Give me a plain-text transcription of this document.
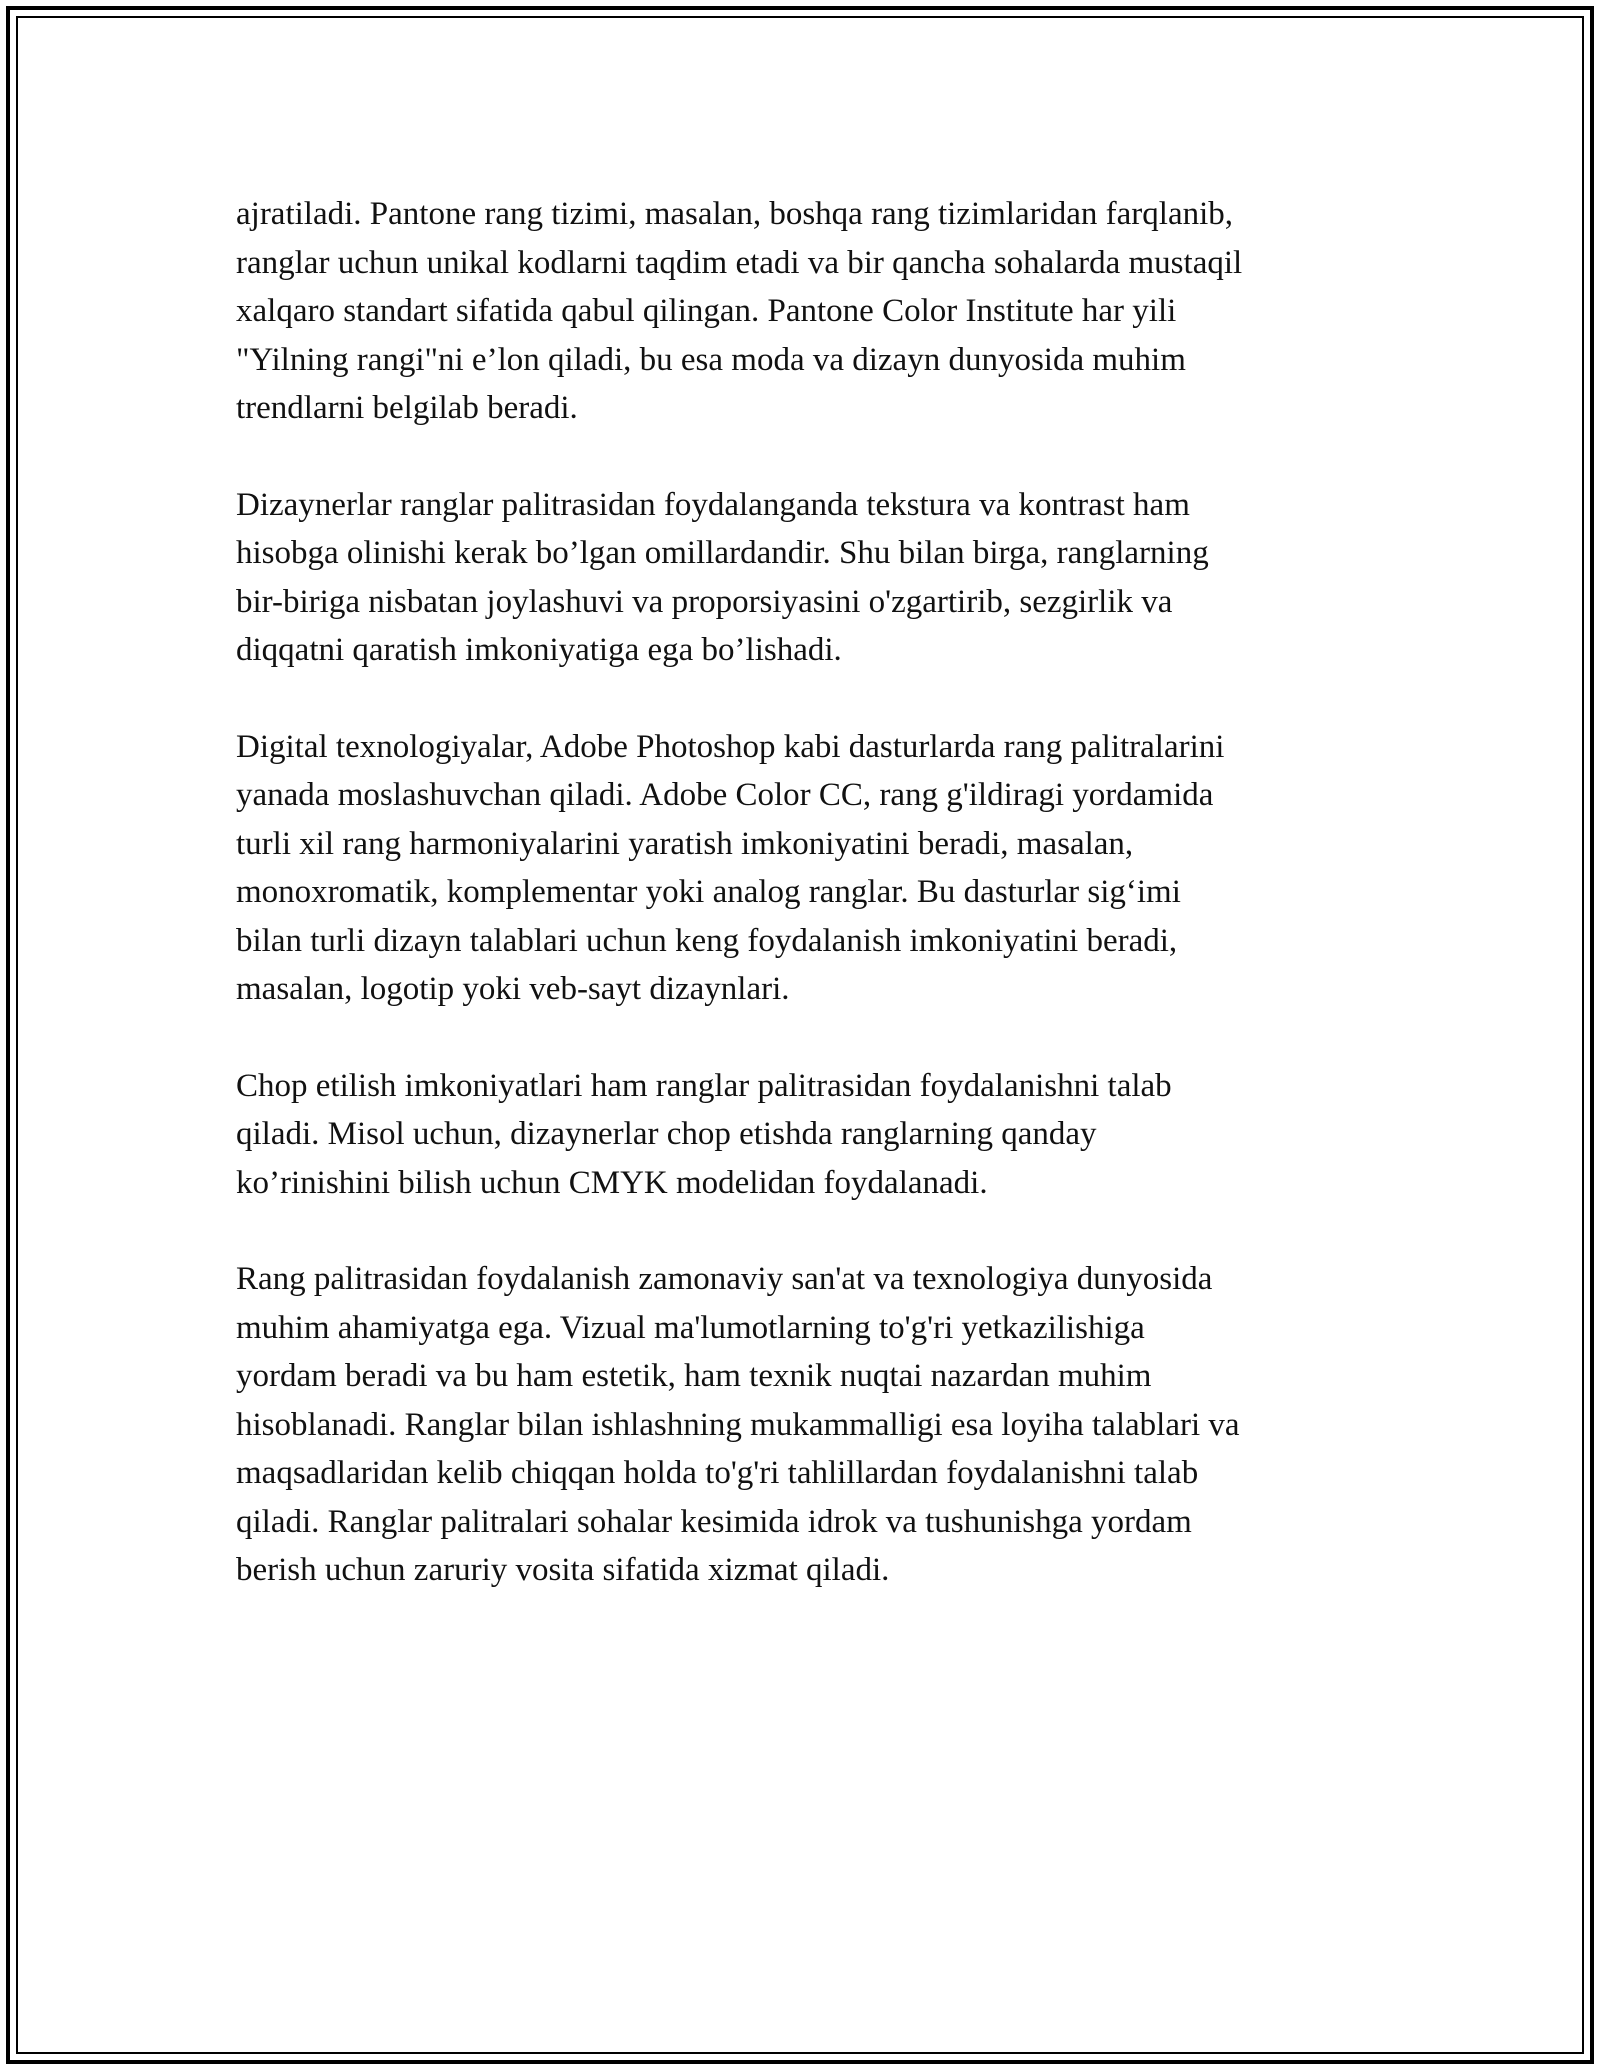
ajratiladi. Pantone rang tizimi, masalan, boshqa rang tizimlaridan farqlanib,
ranglar uchun unikal kodlarni taqdim etadi va bir qancha sohalarda mustaqil
xalqaro standart sifatida qabul qilingan. Pantone Color Institute har yili
"Yilning rangi"ni e’lon qiladi, bu esa moda va dizayn dunyosida muhim
trendlarni belgilab beradi.

Dizaynerlar ranglar palitrasidan foydalanganda tekstura va kontrast ham
hisobga olinishi kerak bo’lgan omillardandir. Shu bilan birga, ranglarning
bir-biriga nisbatan joylashuvi va proporsiyasini o'zgartirib, sezgirlik va
diqqatni qaratish imkoniyatiga ega bo’lishadi.

Digital texnologiyalar, Adobe Photoshop kabi dasturlarda rang palitralarini
yanada moslashuvchan qiladi. Adobe Color CC, rang g'ildiragi yordamida
turli xil rang harmoniyalarini yaratish imkoniyatini beradi, masalan,
monoxromatik, komplementar yoki analog ranglar. Bu dasturlar sig‘imi
bilan turli dizayn talablari uchun keng foydalanish imkoniyatini beradi,
masalan, logotip yoki veb-sayt dizaynlari.

Chop etilish imkoniyatlari ham ranglar palitrasidan foydalanishni talab
qiladi. Misol uchun, dizaynerlar chop etishda ranglarning qanday
ko’rinishini bilish uchun CMYK modelidan foydalanadi.

Rang palitrasidan foydalanish zamonaviy san'at va texnologiya dunyosida
muhim ahamiyatga ega. Vizual ma'lumotlarning to'g'ri yetkazilishiga
yordam beradi va bu ham estetik, ham texnik nuqtai nazardan muhim
hisoblanadi. Ranglar bilan ishlashning mukammalligi esa loyiha talablari va
maqsadlaridan kelib chiqqan holda to'g'ri tahlillardan foydalanishni talab
qiladi. Ranglar palitralari sohalar kesimida idrok va tushunishga yordam
berish uchun zaruriy vosita sifatida xizmat qiladi.
